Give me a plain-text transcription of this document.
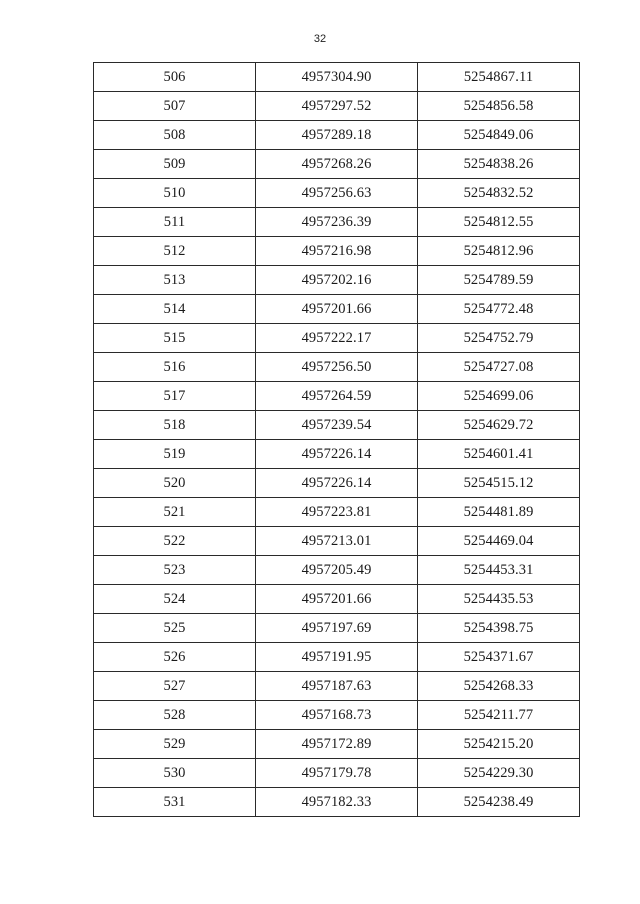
32
506	4957304.90	5254867.11
507	4957297.52	5254856.58
508	4957289.18	5254849.06
509	4957268.26	5254838.26
510	4957256.63	5254832.52
511	4957236.39	5254812.55
512	4957216.98	5254812.96
513	4957202.16	5254789.59
514	4957201.66	5254772.48
515	4957222.17	5254752.79
516	4957256.50	5254727.08
517	4957264.59	5254699.06
518	4957239.54	5254629.72
519	4957226.14	5254601.41
520	4957226.14	5254515.12
521	4957223.81	5254481.89
522	4957213.01	5254469.04
523	4957205.49	5254453.31
524	4957201.66	5254435.53
525	4957197.69	5254398.75
526	4957191.95	5254371.67
527	4957187.63	5254268.33
528	4957168.73	5254211.77
529	4957172.89	5254215.20
530	4957179.78	5254229.30
531	4957182.33	5254238.49
